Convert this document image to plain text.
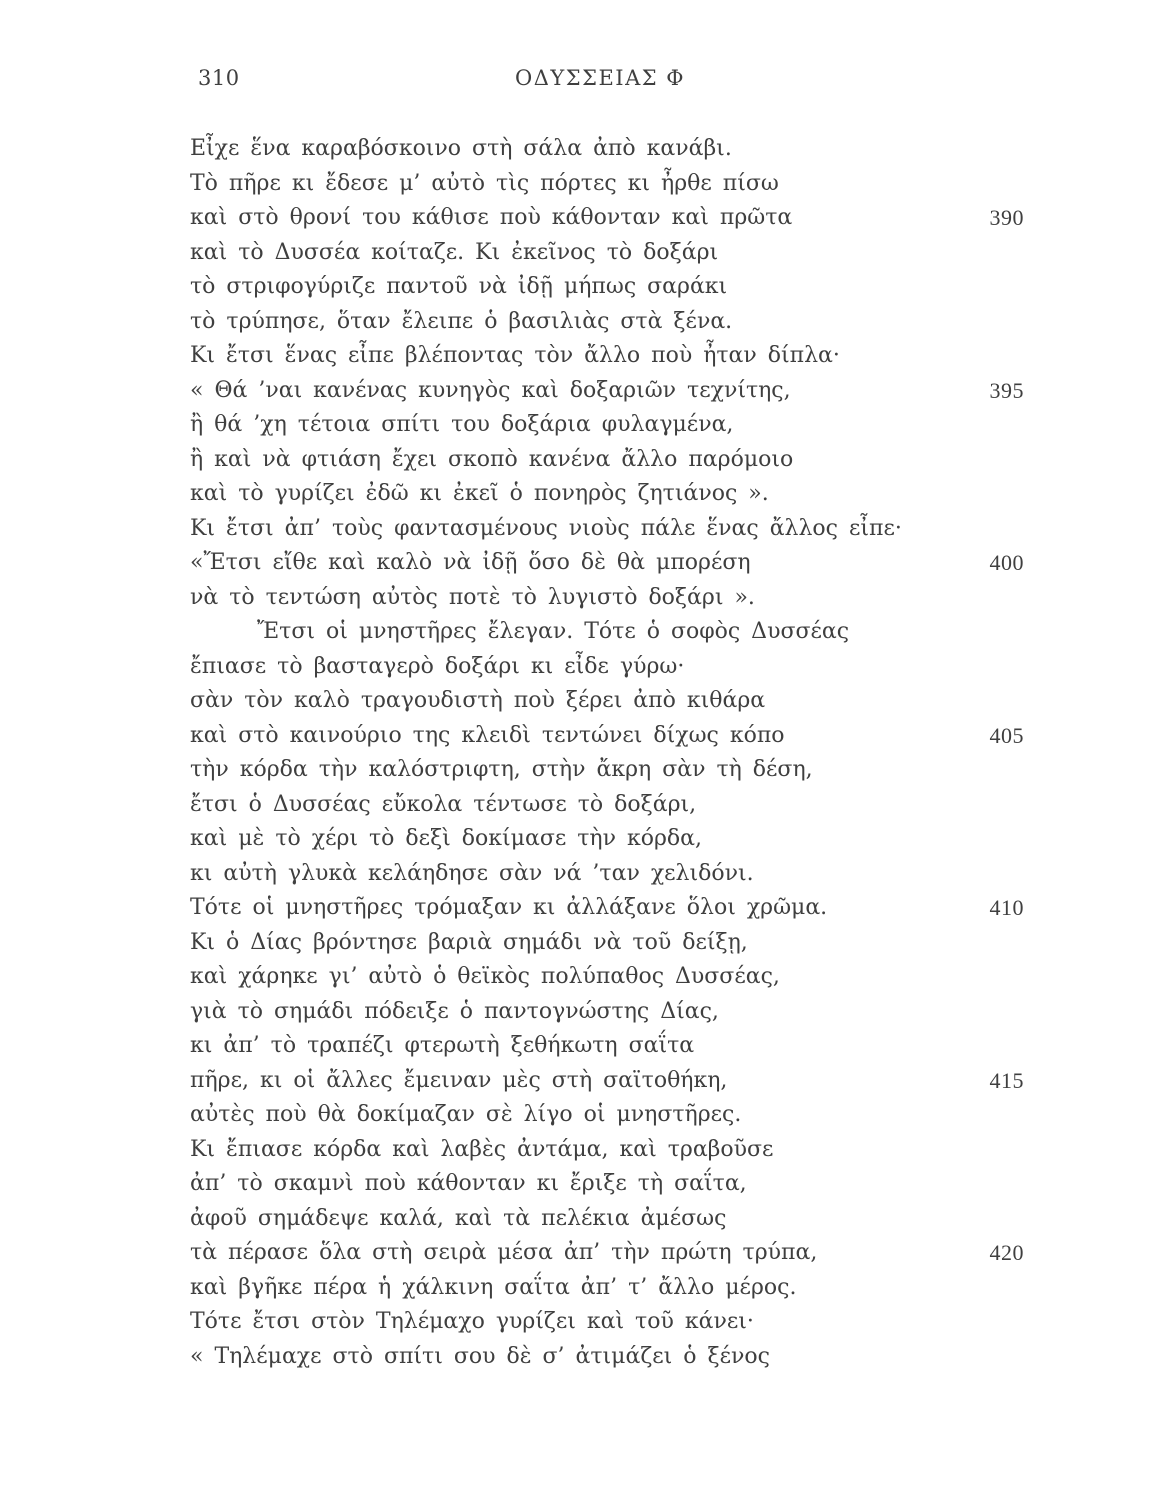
310	ΟΔΥΣΣΕΙΑΣ Φ
Εἶχε ἕνα καραβόσκοινο στὴ σάλα ἀπὸ κανάβι.
Τὸ πῆρε κι ἔδεσε μ’ αὐτὸ τὶς πόρτες κι ἦρθε πίσω
καὶ στὸ θρονί του κάθισε ποὺ κάθονταν καὶ πρῶτα	390
καὶ τὸ Δυσσέα κοίταζε. Κι ἐκεῖνος τὸ δοξάρι
τὸ στριφογύριζε παντοῦ νὰ ἰδῇ μήπως σαράκι
τὸ τρύπησε, ὅταν ἔλειπε ὁ βασιλιὰς στὰ ξένα.
Κι ἔτσι ἕνας εἶπε βλέποντας τὸν ἄλλο ποὺ ἦταν δίπλα·
« Θά ’ναι κανένας κυνηγὸς καὶ δοξαριῶν τεχνίτης,	395
ἢ θά ’χη τέτοια σπίτι του δοξάρια φυλαγμένα,
ἢ καὶ νὰ φτιάση ἔχει σκοπὸ κανένα ἄλλο παρόμοιο
καὶ τὸ γυρίζει ἐδῶ κι ἐκεῖ ὁ πονηρὸς ζητιάνος ».
Κι ἔτσι ἀπ’ τοὺς φαντασμένους νιοὺς πάλε ἕνας ἄλλος εἶπε·
«Ἔτσι εἴθε καὶ καλὸ νὰ ἰδῇ ὅσο δὲ θὰ μπορέση	400
νὰ τὸ τεντώση αὐτὸς ποτὲ τὸ λυγιστὸ δοξάρι ».
Ἔτσι οἱ μνηστῆρες ἔλεγαν. Τότε ὁ σοφὸς Δυσσέας
ἔπιασε τὸ βασταγερὸ δοξάρι κι εἶδε γύρω·
σὰν τὸν καλὸ τραγουδιστὴ ποὺ ξέρει ἀπὸ κιθάρα
καὶ στὸ καινούριο της κλειδὶ τεντώνει δίχως κόπο	405
τὴν κόρδα τὴν καλόστριφτη, στὴν ἄκρη σὰν τὴ δέση,
ἔτσι ὁ Δυσσέας εὔκολα τέντωσε τὸ δοξάρι,
καὶ μὲ τὸ χέρι τὸ δεξὶ δοκίμασε τὴν κόρδα,
κι αὐτὴ γλυκὰ κελάηδησε σὰν νά ’ταν χελιδόνι.
Τότε οἱ μνηστῆρες τρόμαξαν κι ἀλλάξανε ὅλοι χρῶμα.	410
Κι ὁ Δίας βρόντησε βαριὰ σημάδι νὰ τοῦ δείξῃ,
καὶ χάρηκε γι’ αὐτὸ ὁ θεϊκὸς πολύπαθος Δυσσέας,
γιὰ τὸ σημάδι πόδειξε ὁ παντογνώστης Δίας,
κι ἀπ’ τὸ τραπέζι φτερωτὴ ξεθήκωτη σαΐτα
πῆρε, κι οἱ ἄλλες ἔμειναν μὲς στὴ σαϊτοθήκη,	415
αὐτὲς ποὺ θὰ δοκίμαζαν σὲ λίγο οἱ μνηστῆρες.
Κι ἔπιασε κόρδα καὶ λαβὲς ἀντάμα, καὶ τραβοῦσε
ἀπ’ τὸ σκαμνὶ ποὺ κάθονταν κι ἔριξε τὴ σαΐτα,
ἀφοῦ σημάδεψε καλά, καὶ τὰ πελέκια ἀμέσως
τὰ πέρασε ὅλα στὴ σειρὰ μέσα ἀπ’ τὴν πρώτη τρύπα,	420
καὶ βγῆκε πέρα ἡ χάλκινη σαΐτα ἀπ’ τ’ ἄλλο μέρος.
Τότε ἔτσι στὸν Τηλέμαχο γυρίζει καὶ τοῦ κάνει·
« Τηλέμαχε στὸ σπίτι σου δὲ σ’ ἀτιμάζει ὁ ξένος
